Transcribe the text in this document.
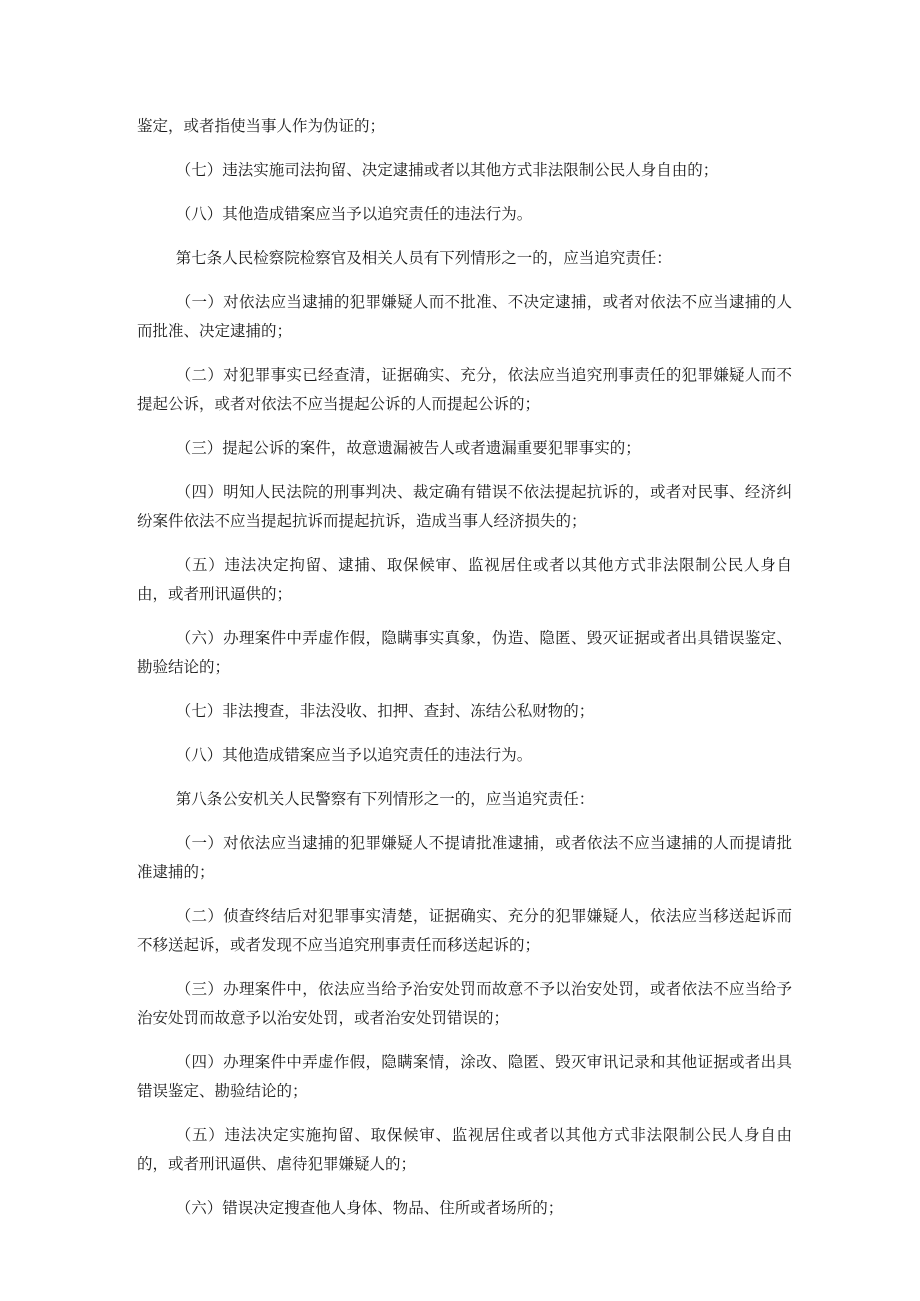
鉴定，或者指使当事人作为伪证的；

（七）违法实施司法拘留、决定逮捕或者以其他方式非法限制公民人身自由的；

（八）其他造成错案应当予以追究责任的违法行为。

第七条人民检察院检察官及相关人员有下列情形之一的，应当追究责任：

（一）对依法应当逮捕的犯罪嫌疑人而不批准、不决定逮捕，或者对依法不应当逮捕的人而批准、决定逮捕的；

（二）对犯罪事实已经查清，证据确实、充分，依法应当追究刑事责任的犯罪嫌疑人而不提起公诉，或者对依法不应当提起公诉的人而提起公诉的；

（三）提起公诉的案件，故意遗漏被告人或者遗漏重要犯罪事实的；

（四）明知人民法院的刑事判决、裁定确有错误不依法提起抗诉的，或者对民事、经济纠纷案件依法不应当提起抗诉而提起抗诉，造成当事人经济损失的；

（五）违法决定拘留、逮捕、取保候审、监视居住或者以其他方式非法限制公民人身自由，或者刑讯逼供的；

（六）办理案件中弄虚作假，隐瞒事实真象，伪造、隐匿、毁灭证据或者出具错误鉴定、勘验结论的；

（七）非法搜查，非法没收、扣押、查封、冻结公私财物的；

（八）其他造成错案应当予以追究责任的违法行为。

第八条公安机关人民警察有下列情形之一的，应当追究责任：

（一）对依法应当逮捕的犯罪嫌疑人不提请批准逮捕，或者依法不应当逮捕的人而提请批准逮捕的；

（二）侦查终结后对犯罪事实清楚，证据确实、充分的犯罪嫌疑人，依法应当移送起诉而不移送起诉，或者发现不应当追究刑事责任而移送起诉的；

（三）办理案件中，依法应当给予治安处罚而故意不予以治安处罚，或者依法不应当给予治安处罚而故意予以治安处罚，或者治安处罚错误的；

（四）办理案件中弄虚作假，隐瞒案情，涂改、隐匿、毁灭审讯记录和其他证据或者出具错误鉴定、勘验结论的；

（五）违法决定实施拘留、取保候审、监视居住或者以其他方式非法限制公民人身自由的，或者刑讯逼供、虐待犯罪嫌疑人的；

（六）错误决定搜查他人身体、物品、住所或者场所的；
